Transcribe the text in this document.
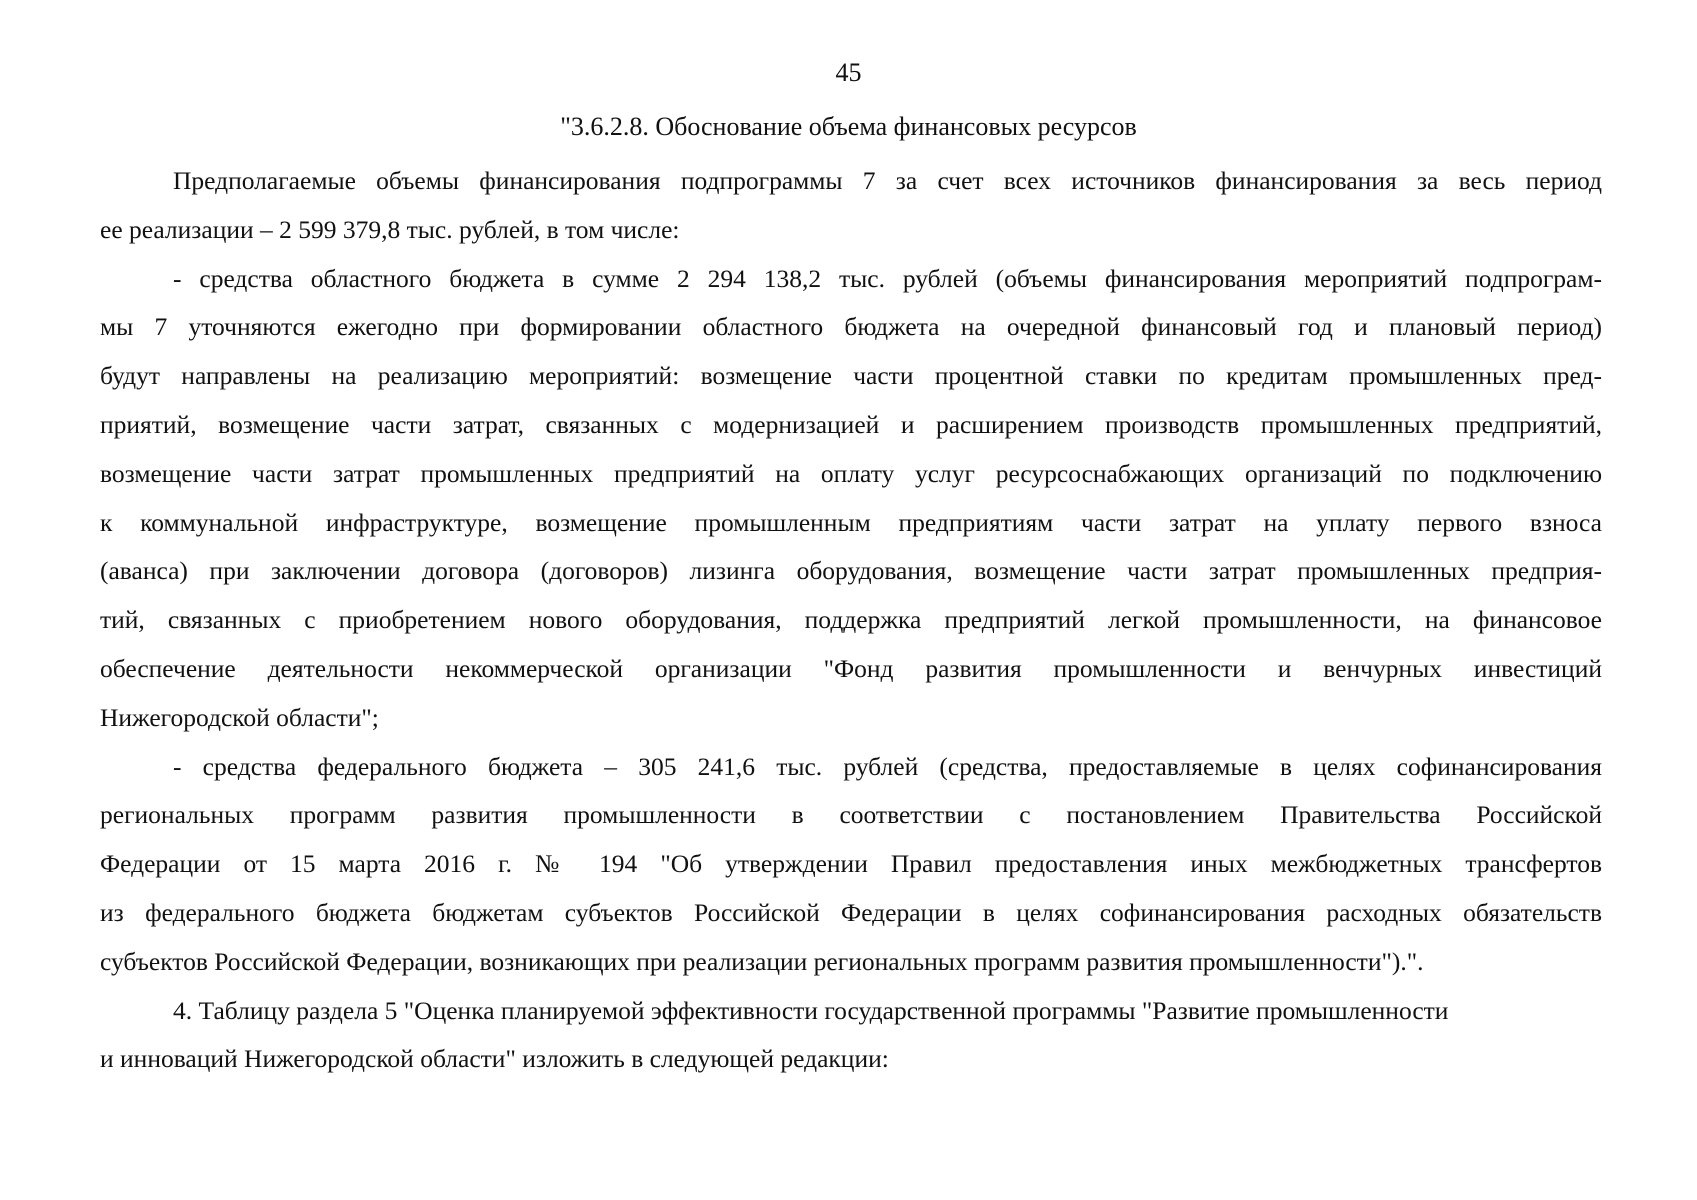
45
"3.6.2.8. Обоснование объема финансовых ресурсов
Предполагаемые объемы финансирования подпрограммы 7 за счет всех источников финансирования за весь период
ее реализации – 2 599 379,8 тыс. рублей, в том числе:
- средства областного бюджета в сумме 2 294 138,2 тыс. рублей (объемы финансирования мероприятий подпрограм-
мы 7 уточняются ежегодно при формировании областного бюджета на очередной финансовый год и плановый период)
будут направлены на реализацию мероприятий: возмещение части процентной ставки по кредитам промышленных пред-
приятий, возмещение части затрат, связанных с модернизацией и расширением производств промышленных предприятий,
возмещение части затрат промышленных предприятий на оплату услуг ресурсоснабжающих организаций по подключению
к коммунальной инфраструктуре, возмещение промышленным предприятиям части затрат на уплату первого взноса
(аванса) при заключении договора (договоров) лизинга оборудования, возмещение части затрат промышленных предприя-
тий, связанных с приобретением нового оборудования, поддержка предприятий легкой промышленности, на финансовое
обеспечение деятельности некоммерческой организации "Фонд развития промышленности и венчурных инвестиций
Нижегородской области";
- средства федерального бюджета – 305 241,6 тыс. рублей (средства, предоставляемые в целях софинансирования
региональных программ развития промышленности в соответствии с постановлением Правительства Российской
Федерации от 15 марта 2016 г. № 194 "Об утверждении Правил предоставления иных межбюджетных трансфертов
из федерального бюджета бюджетам субъектов Российской Федерации в целях софинансирования расходных обязательств
субъектов Российской Федерации, возникающих при реализации региональных программ развития промышленности").".
4. Таблицу раздела 5 "Оценка планируемой эффективности государственной программы "Развитие промышленности
и инноваций Нижегородской области" изложить в следующей редакции:
